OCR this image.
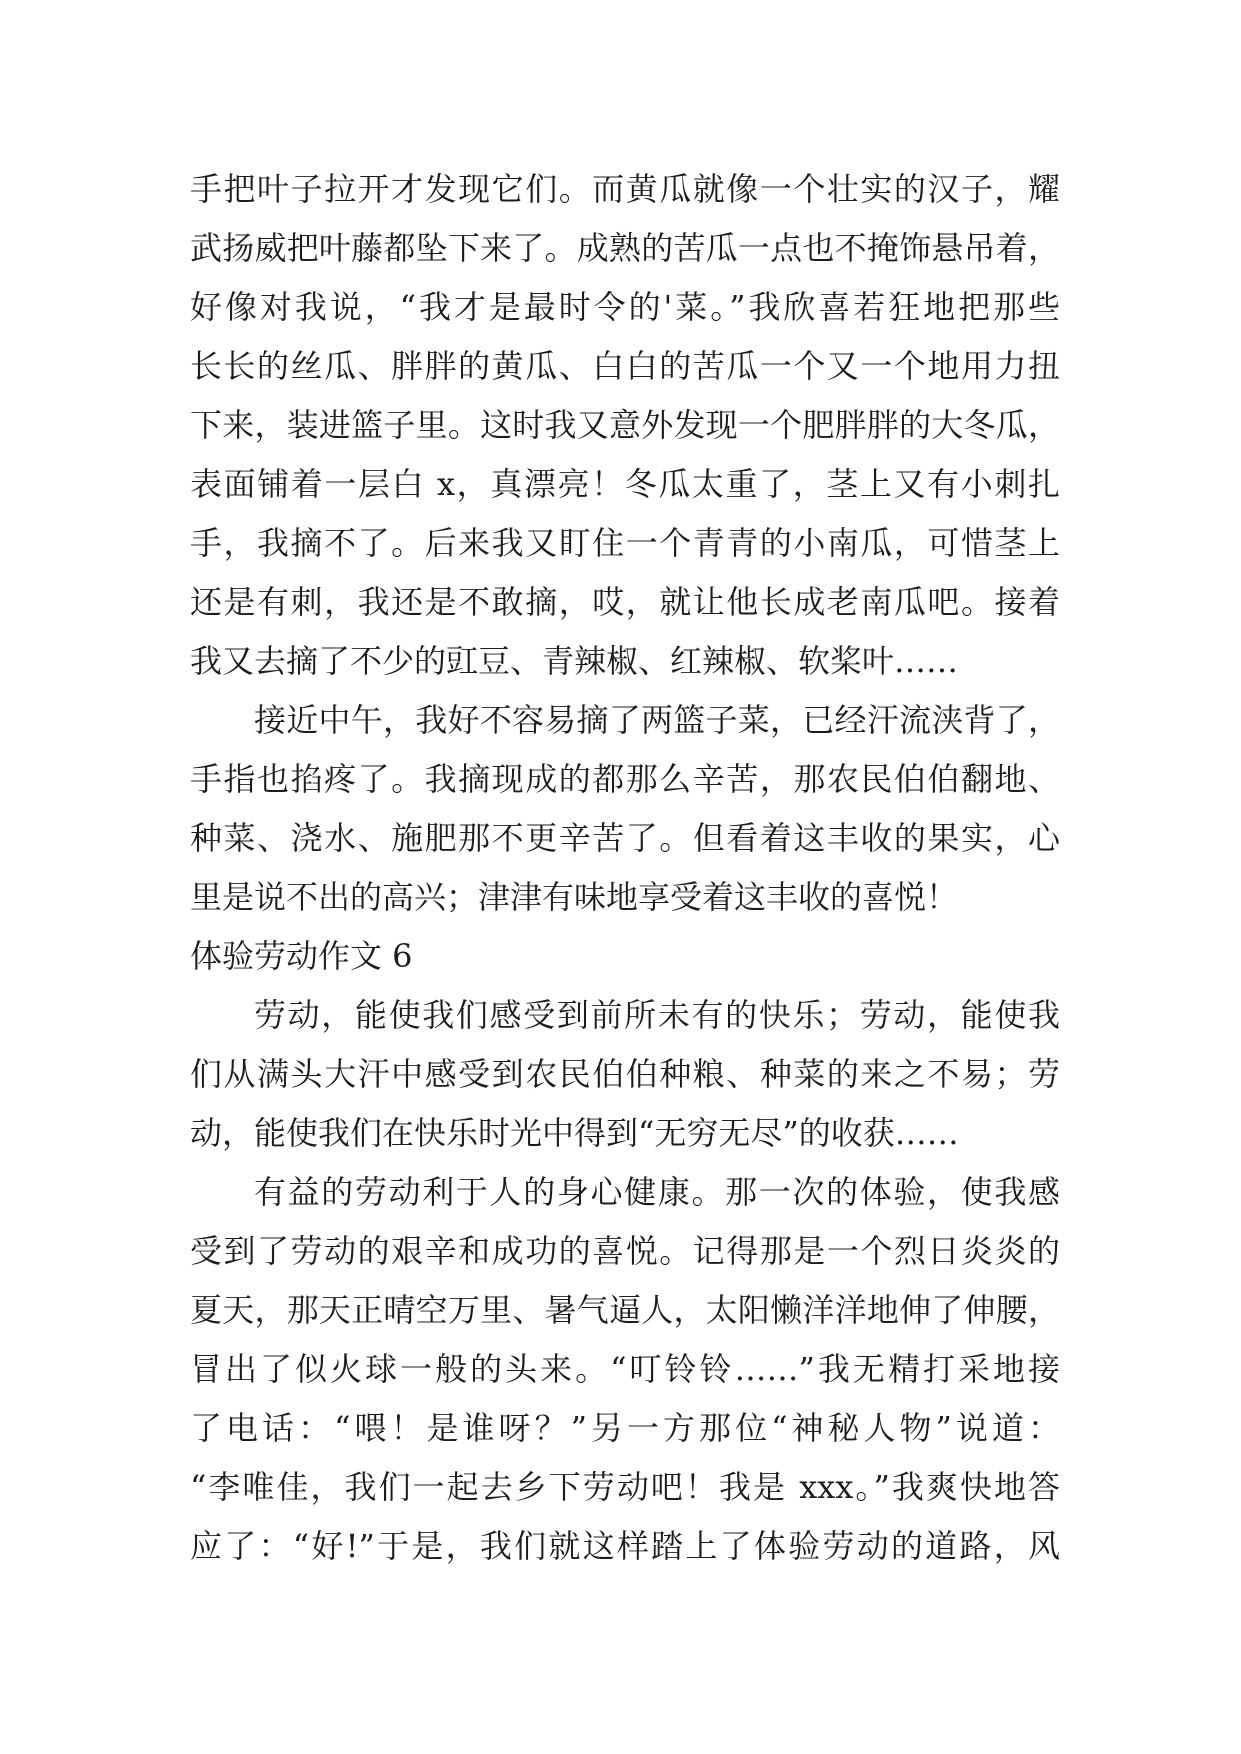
手把叶子拉开才发现它们。而黄瓜就像一个壮实的汉子，耀
武扬威把叶藤都坠下来了。成熟的苦瓜一点也不掩饰悬吊着，
好像对我说，“我才是最时令的'菜。”我欣喜若狂地把那些
长长的丝瓜、胖胖的黄瓜、白白的苦瓜一个又一个地用力扭
下来，装进篮子里。这时我又意外发现一个肥胖胖的大冬瓜，
表面铺着一层白 x，真漂亮！冬瓜太重了，茎上又有小刺扎
手，我摘不了。后来我又盯住一个青青的小南瓜，可惜茎上
还是有刺，我还是不敢摘，哎，就让他长成老南瓜吧。接着
我又去摘了不少的豇豆、青辣椒、红辣椒、软桨叶……
接近中午，我好不容易摘了两篮子菜，已经汗流浃背了，
手指也掐疼了。我摘现成的都那么辛苦，那农民伯伯翻地、
种菜、浇水、施肥那不更辛苦了。但看着这丰收的果实，心
里是说不出的高兴；津津有味地享受着这丰收的喜悦！
体验劳动作文 6
劳动，能使我们感受到前所未有的快乐；劳动，能使我
们从满头大汗中感受到农民伯伯种粮、种菜的来之不易；劳
动，能使我们在快乐时光中得到“无穷无尽”的收获……
有益的劳动利于人的身心健康。那一次的体验，使我感
受到了劳动的艰辛和成功的喜悦。记得那是一个烈日炎炎的
夏天，那天正晴空万里、暑气逼人，太阳懒洋洋地伸了伸腰，
冒出了似火球一般的头来。“叮铃铃……”我无精打采地接
了电话：“喂！是谁呀？”另一方那位“神秘人物”说道：
“李唯佳，我们一起去乡下劳动吧！我是 xxx。”我爽快地答
应了：“好!”于是，我们就这样踏上了体验劳动的道路，风
